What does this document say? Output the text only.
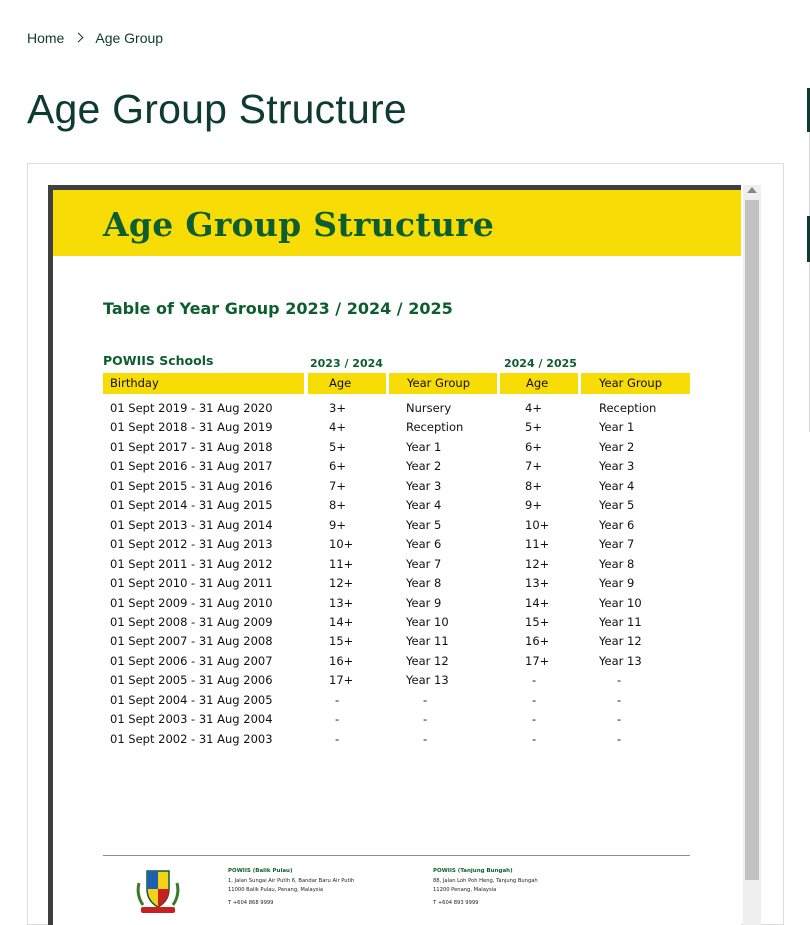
Home Age Group
Age Group Structure
Age Group Structure
Table of Year Group 2023 / 2024 / 2025
POWIIS Schools	2023 / 2024	2024 / 2025
Birthday	Age	Year Group	Age	Year Group
01 Sept 2019 - 31 Aug 2020	3+	Nursery	4+	Reception
01 Sept 2018 - 31 Aug 2019	4+	Reception	5+	Year 1
01 Sept 2017 - 31 Aug 2018	5+	Year 1	6+	Year 2
01 Sept 2016 - 31 Aug 2017	6+	Year 2	7+	Year 3
01 Sept 2015 - 31 Aug 2016	7+	Year 3	8+	Year 4
01 Sept 2014 - 31 Aug 2015	8+	Year 4	9+	Year 5
01 Sept 2013 - 31 Aug 2014	9+	Year 5	10+	Year 6
01 Sept 2012 - 31 Aug 2013	10+	Year 6	11+	Year 7
01 Sept 2011 - 31 Aug 2012	11+	Year 7	12+	Year 8
01 Sept 2010 - 31 Aug 2011	12+	Year 8	13+	Year 9
01 Sept 2009 - 31 Aug 2010	13+	Year 9	14+	Year 10
01 Sept 2008 - 31 Aug 2009	14+	Year 10	15+	Year 11
01 Sept 2007 - 31 Aug 2008	15+	Year 11	16+	Year 12
01 Sept 2006 - 31 Aug 2007	16+	Year 12	17+	Year 13
01 Sept 2005 - 31 Aug 2006	17+	Year 13	-	-
01 Sept 2004 - 31 Aug 2005	-	-	-	-
01 Sept 2003 - 31 Aug 2004	-	-	-	-
01 Sept 2002 - 31 Aug 2003	-	-	-	-
POWIIS (Balik Pulau)
1, Jalan Sungai Air Putih 6, Bandar Baru Air Putih
11000 Balik Pulau, Penang, Malaysia
T +604 868 9999
POWIIS (Tanjung Bungah)
88, Jalan Loh Poh Heng, Tanjung Bungah
11200 Penang, Malaysia
T +604 893 9999
